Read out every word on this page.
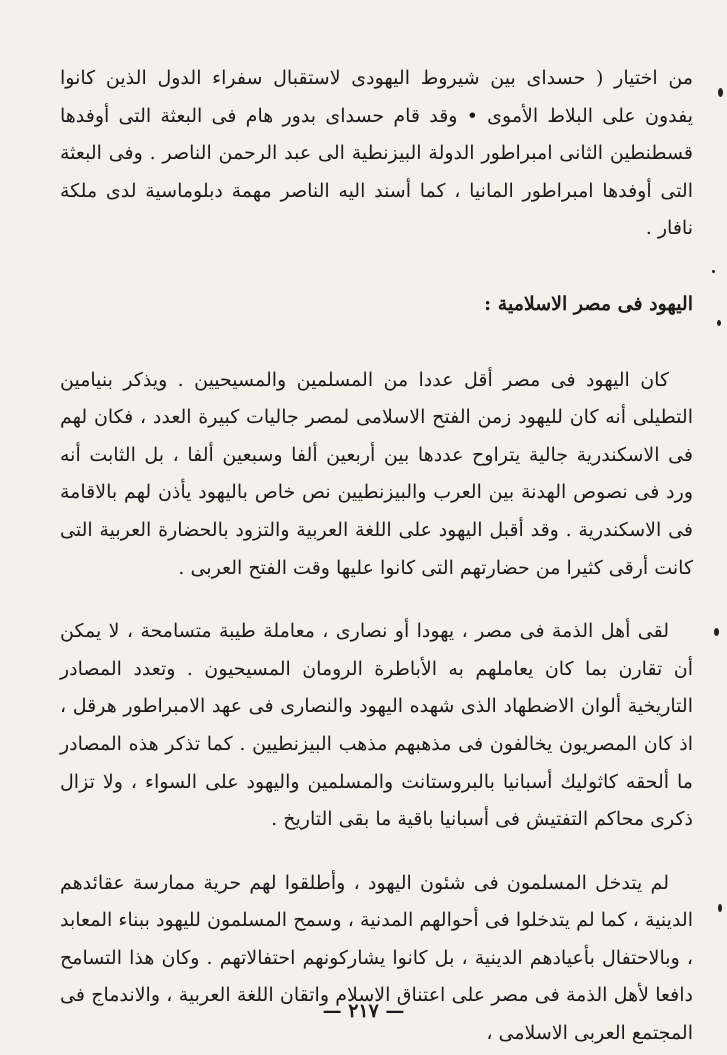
من اختيار ( حسداى بين شيروط اليهودى لاستقبال سفراء الدول الذين كانوا يفدون على البلاط الأموى • وقد قام حسداى بدور هام فى البعثة التى أوفدها قسطنطين الثانى امبراطور الدولة البيزنطية الى عبد الرحمن الناصر . وفى البعثة التى أوفدها امبراطور المانيا ، كما أسند اليه الناصر مهمة دبلوماسية لدى ملكة نافار .

اليهود فى مصر الاسلامية :

كان اليهود فى مصر أقل عددا من المسلمين والمسيحيين . ويذكر بنيامين التطيلى أنه كان لليهود زمن الفتح الاسلامى لمصر جاليات كبيرة العدد ، فكان لهم فى الاسكندرية جالية يتراوح عددها بين أربعين ألفا وسبعين ألفا ، بل الثابت أنه ورد فى نصوص الهدنة بين العرب والبيزنطيين نص خاص باليهود يأذن لهم بالاقامة فى الاسكندرية . وقد أقبل اليهود على اللغة العربية والتزود بالحضارة العربية التى كانت أرقى كثيرا من حضارتهم التى كانوا عليها وقت الفتح العربى .

لقى أهل الذمة فى مصر ، يهودا أو نصارى ، معاملة طيبة متسامحة ، لا يمكن أن تقارن بما كان يعاملهم به الأباطرة الرومان المسيحيون . وتعدد المصادر التاريخية ألوان الاضطهاد الذى شهده اليهود والنصارى فى عهد الامبراطور هرقل ، اذ كان المصريون يخالفون فى مذهبهم مذهب البيزنطيين . كما تذكر هذه المصادر ما ألحقه كاثوليك أسبانيا بالبروستانت والمسلمين واليهود على السواء ، ولا تزال ذكرى محاكم التفتيش فى أسبانيا باقية ما بقى التاريخ .

لم يتدخل المسلمون فى شئون اليهود ، وأطلقوا لهم حرية ممارسة عقائدهم الدينية ، كما لم يتدخلوا فى أحوالهم المدنية ، وسمح المسلمون لليهود ببناء المعابد ، وبالاحتفال بأعيادهم الدينية ، بل كانوا يشاركونهم احتفالاتهم . وكان هذا التسامح دافعا لأهل الذمة فى مصر على اعتناق الاسلام واتقان اللغة العربية ، والاندماج فى المجتمع العربى الاسلامى ،

— ٢١٧ —
